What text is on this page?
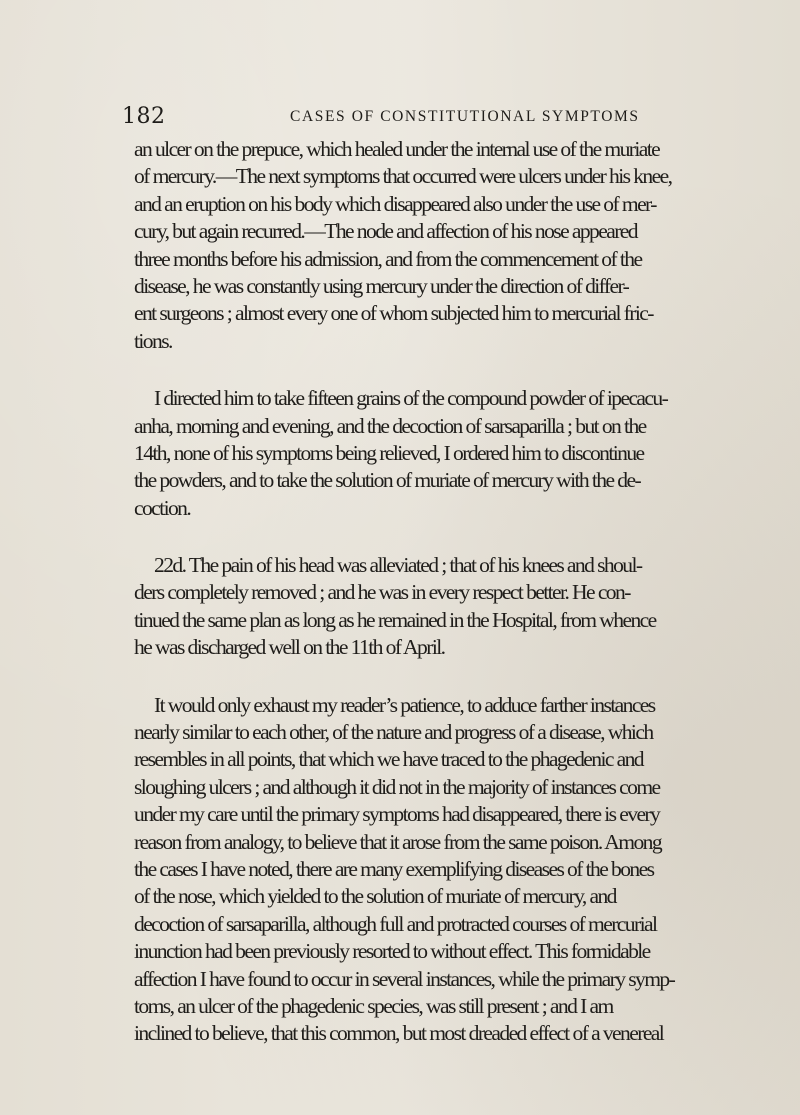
182	CASES OF CONSTITUTIONAL SYMPTOMS
an ulcer on the prepuce, which healed under the internal use of the muriate
of mercury.—The next symptoms that occurred were ulcers under his knee,
and an eruption on his body which disappeared also under the use of mer-
cury, but again recurred.—The node and affection of his nose appeared
three months before his admission, and from the commencement of the
disease, he was constantly using mercury under the direction of differ-
ent surgeons ; almost every one of whom subjected him to mercurial fric-
tions.
I directed him to take fifteen grains of the compound powder of ipecacu-
anha, morning and evening, and the decoction of sarsaparilla ; but on the
14th, none of his symptoms being relieved, I ordered him to discontinue
the powders, and to take the solution of muriate of mercury with the de-
coction.
22d. The pain of his head was alleviated ; that of his knees and shoul-
ders completely removed ; and he was in every respect better. He con-
tinued the same plan as long as he remained in the Hospital, from whence
he was discharged well on the 11th of April.
It would only exhaust my reader’s patience, to adduce farther instances
nearly similar to each other, of the nature and progress of a disease, which
resembles in all points, that which we have traced to the phagedenic and
sloughing ulcers ; and although it did not in the majority of instances come
under my care until the primary symptoms had disappeared, there is every
reason from analogy, to believe that it arose from the same poison. Among
the cases I have noted, there are many exemplifying diseases of the bones
of the nose, which yielded to the solution of muriate of mercury, and
decoction of sarsaparilla, although full and protracted courses of mercurial
inunction had been previously resorted to without effect. This formidable
affection I have found to occur in several instances, while the primary symp-
toms, an ulcer of the phagedenic species, was still present ; and I am
inclined to believe, that this common, but most dreaded effect of a venereal
